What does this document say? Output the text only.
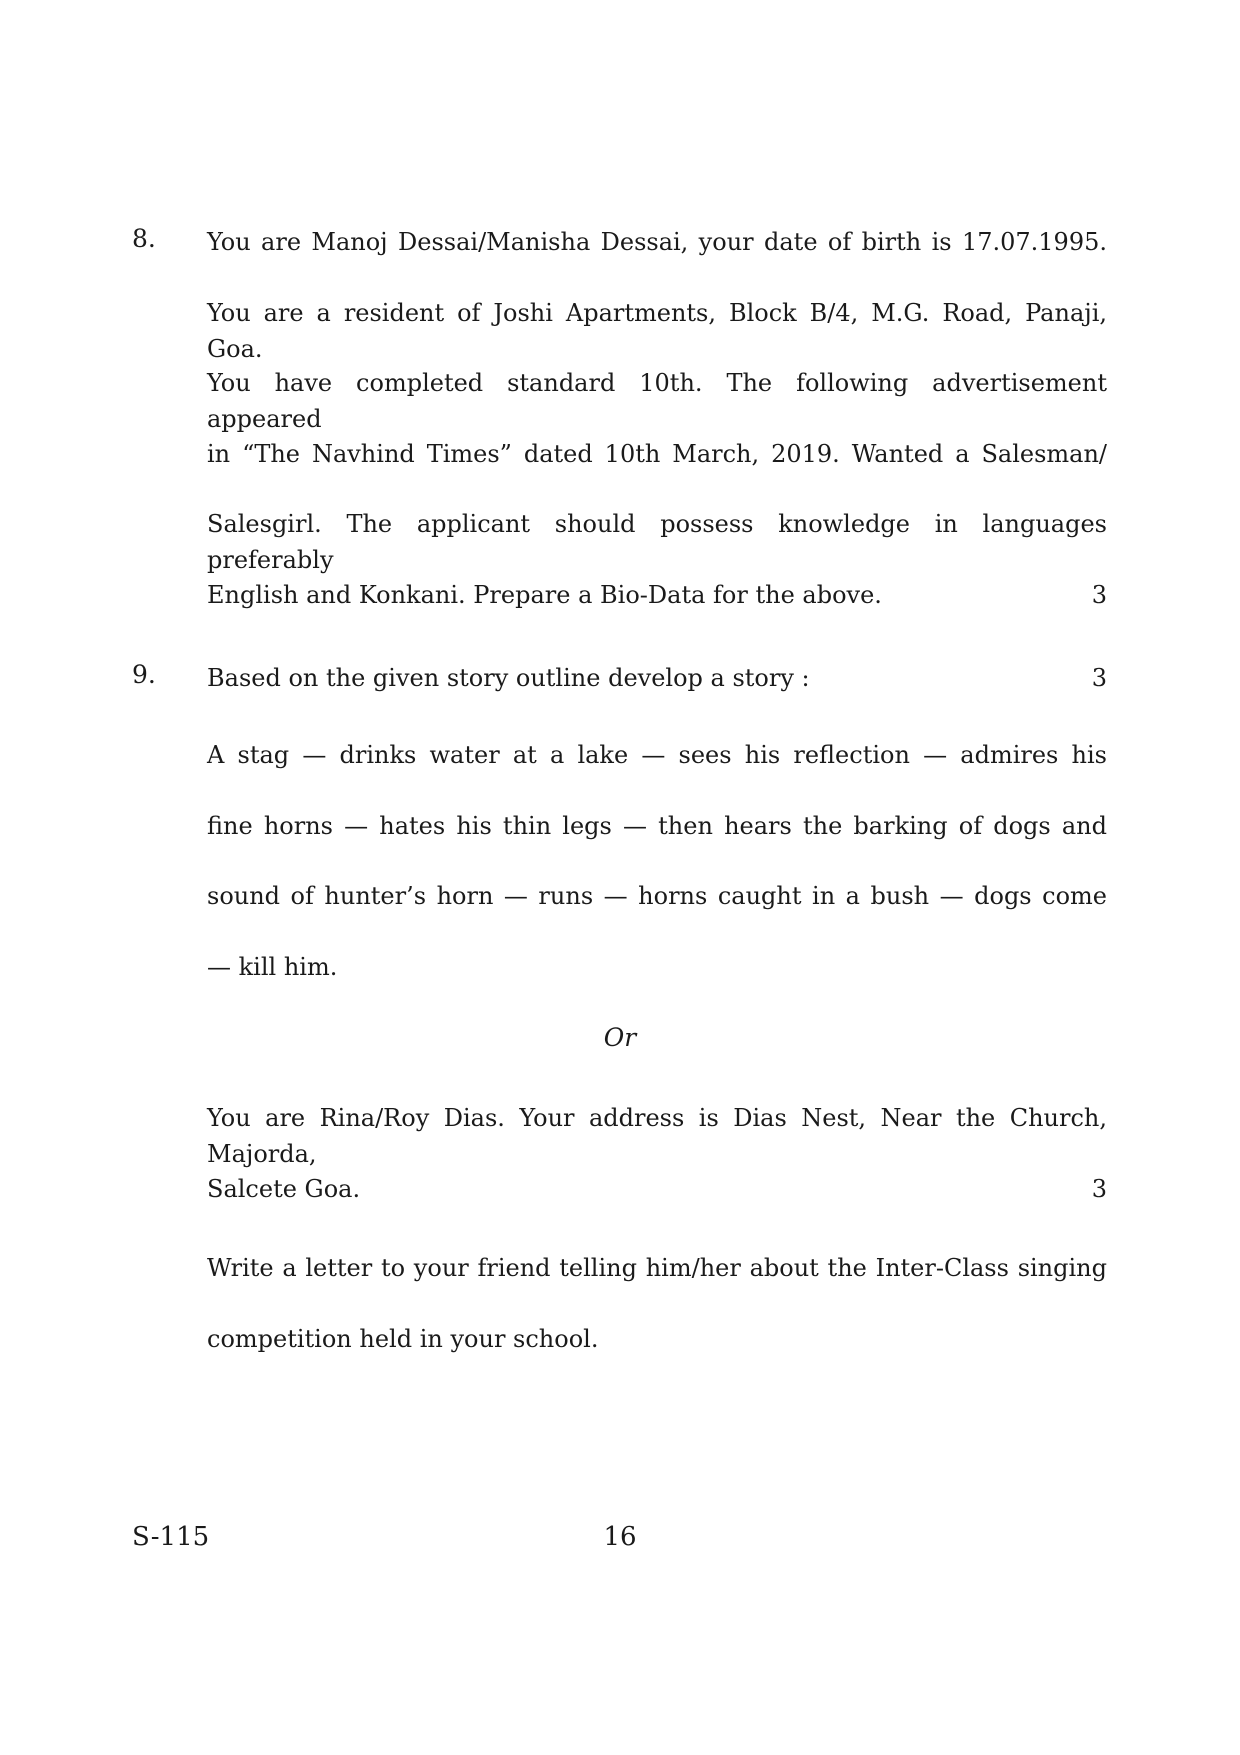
8. You are Manoj Dessai/Manisha Dessai, your date of birth is 17.07.1995.
You are a resident of Joshi Apartments, Block B/4, M.G. Road, Panaji, Goa.
You have completed standard 10th. The following advertisement appeared
in “The Navhind Times” dated 10th March, 2019. Wanted a Salesman/
Salesgirl. The applicant should possess knowledge in languages preferably
English and Konkani. Prepare a Bio-Data for the above.	3
9. Based on the given story outline develop a story :	3
A stag — drinks water at a lake — sees his reflection — admires his
fine horns — hates his thin legs — then hears the barking of dogs and
sound of hunter’s horn — runs — horns caught in a bush — dogs come
— kill him.
Or
You are Rina/Roy Dias. Your address is Dias Nest, Near the Church, Majorda,
Salcete Goa.	3
Write a letter to your friend telling him/her about the Inter-Class singing
competition held in your school.
S-115	16
